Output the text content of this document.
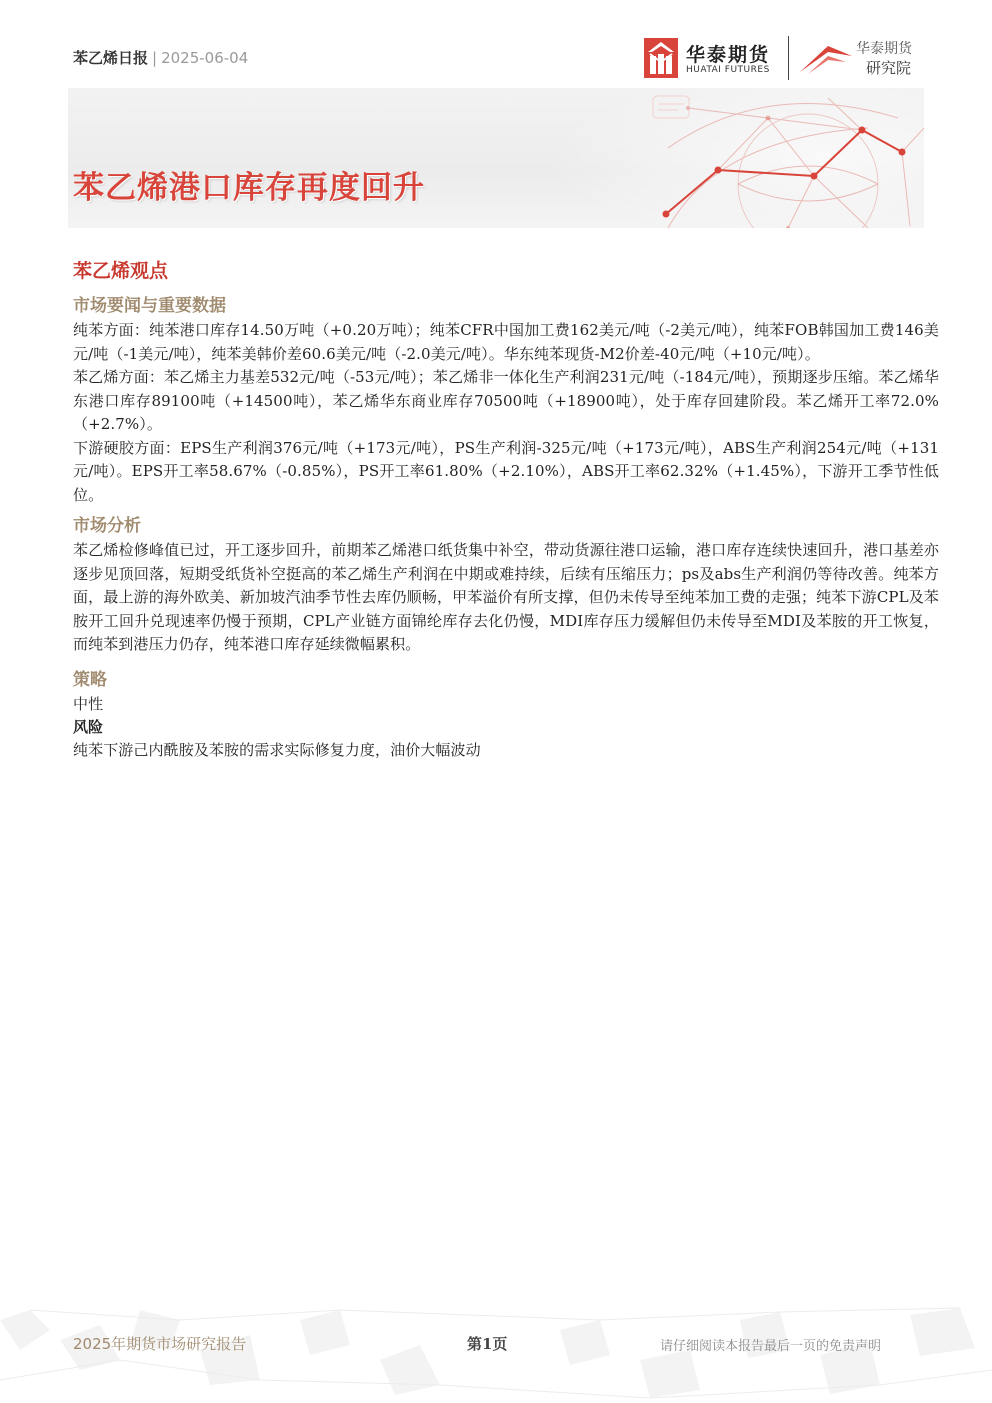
苯乙烯日报 | 2025-06-04	华泰期货
HUATAI FUTURES
华泰期货
研究院
苯乙烯港口库存再度回升
苯乙烯观点
市场要闻与重要数据

纯苯方面：纯苯港口库存14.50万吨（+0.20万吨）；纯苯CFR中国加工费162美元/吨（-2美元/吨），纯苯FOB韩国加工费146美元/吨（-1美元/吨），纯苯美韩价差60.6美元/吨（-2.0美元/吨）。华东纯苯现货-M2价差-40元/吨（+10元/吨）。

苯乙烯方面：苯乙烯主力基差532元/吨（-53元/吨）；苯乙烯非一体化生产利润231元/吨（-184元/吨），预期逐步压缩。苯乙烯华东港口库存89100吨（+14500吨），苯乙烯华东商业库存70500吨（+18900吨），处于库存回建阶段。苯乙烯开工率72.0%（+2.7%）。

下游硬胶方面：EPS生产利润376元/吨（+173元/吨），PS生产利润-325元/吨（+173元/吨），ABS生产利润254元/吨（+131元/吨）。EPS开工率58.67%（-0.85%），PS开工率61.80%（+2.10%），ABS开工率62.32%（+1.45%），下游开工季节性低位。

市场分析

苯乙烯检修峰值已过，开工逐步回升，前期苯乙烯港口纸货集中补空，带动货源往港口运输，港口库存连续快速回升，港口基差亦逐步见顶回落，短期受纸货补空挺高的苯乙烯生产利润在中期或难持续，后续有压缩压力；ps及abs生产利润仍等待改善。纯苯方面，最上游的海外欧美、新加坡汽油季节性去库仍顺畅，甲苯溢价有所支撑，但仍未传导至纯苯加工费的走强；纯苯下游CPL及苯胺开工回升兑现速率仍慢于预期，CPL产业链方面锦纶库存去化仍慢，MDI库存压力缓解但仍未传导至MDI及苯胺的开工恢复，而纯苯到港压力仍存，纯苯港口库存延续微幅累积。

策略

中性

风险

纯苯下游己内酰胺及苯胺的需求实际修复力度，油价大幅波动

2025年期货市场研究报告	第1页	请仔细阅读本报告最后一页的免责声明
